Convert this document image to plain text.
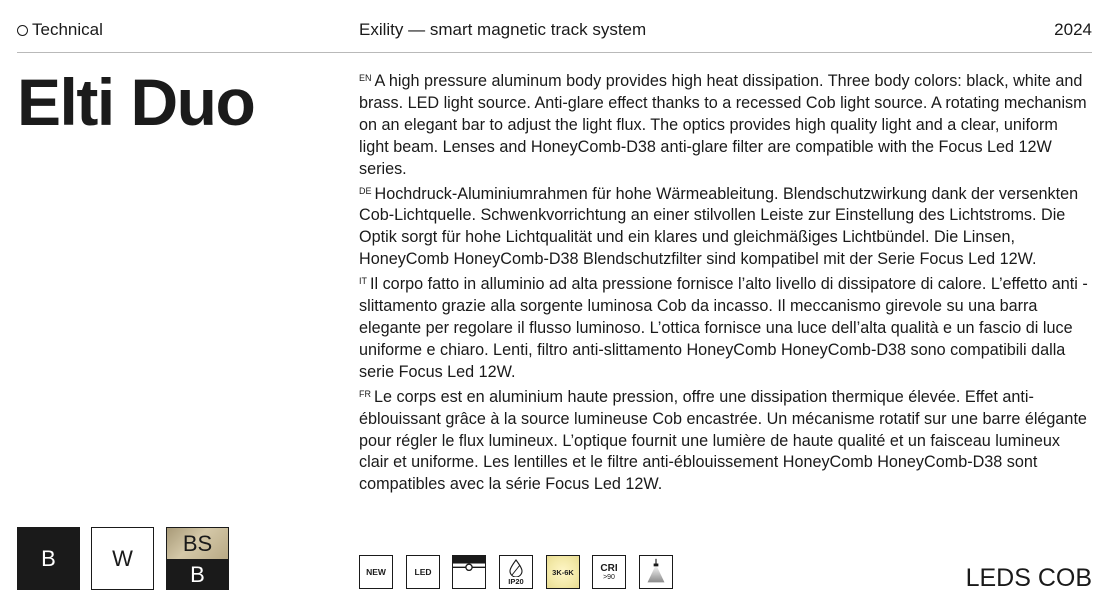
Technical	Exility — smart magnetic track system	2024
Elti Duo	$^{EN}$ A high pressure aluminum body provides high heat dissipation. Three body colors: black, white and brass. LED light source. Anti-glare effect thanks to a recessed Cob light source. A rotating mechanism on an elegant bar to adjust the light flux. The optics provides high quality light and a clear, uniform light beam. Lenses and HoneyComb-D38 anti-glare filter are compatible with the Focus Led 12W series.

$^{DE}$ Hochdruck-Aluminiumrahmen für hohe Wärmeableitung. Blendschutzwirkung dank der versenkten Cob-Lichtquelle. Schwenkvorrichtung an einer stilvollen Leiste zur Einstellung des Lichtstroms. Die Optik sorgt für hohe Lichtqualität und ein klares und gleichmäßiges Lichtbündel. Die Linsen, HoneyComb HoneyComb-D38 Blendschutzfilter sind kompatibel mit der Serie Focus Led 12W.

$^{IT}$ Il corpo fatto in alluminio ad alta pressione fornisce l’alto livello di dissipatore di calore. L’effetto anti - slittamento grazie alla sorgente luminosa Cob da incasso. Il meccanismo girevole su una barra elegante per regolare il flusso luminoso. L’ottica fornisce una luce dell’alta qualità e un fascio di luce uniforme e chiaro. Lenti, filtro anti-slittamento HoneyComb HoneyComb-D38 sono compatibili dalla serie Focus Led 12W.

$^{FR}$ Le corps est en aluminium haute pression, offre une dissipation thermique élevée. Effet anti-éblouissant grâce à la source lumineuse Cob encastrée. Un mécanisme rotatif sur une barre élégante pour régler le flux lumineux. L’optique fournit une lumière de haute qualité et un faisceau lumineux clair et uniforme. Les lentilles et le filtre anti-éblouissement HoneyComb HoneyComb-D38 sont compatibles avec la série Focus Led 12W.

B	W
BS
B	NEW	LED
IP20
3K-6K	CRI
>90	LEDS COB
